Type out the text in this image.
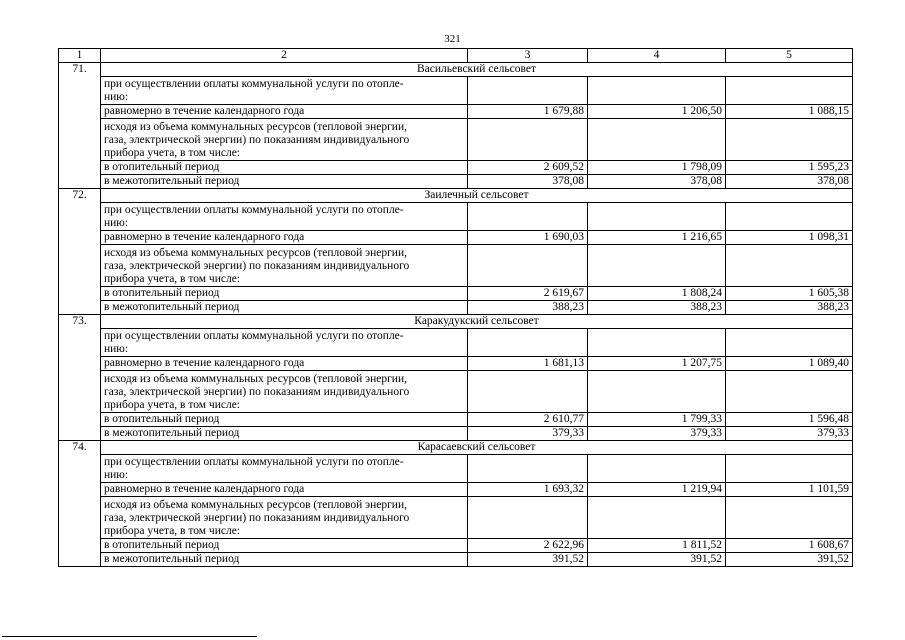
321
1	2	3	4	5
71.	Васильевский сельсовет			
	при осуществлении оплаты коммунальной услуги по отопле-
нию:			
	равномерно в течение календарного года	1 679,88	1 206,50	1 088,15
	исходя из объема коммунальных ресурсов (тепловой энергии,
газа, электрической энергии) по показаниям индивидуального
прибора учета, в том числе:			
	в отопительный период	2 609,52	1 798,09	1 595,23
	в межотопительный период	378,08	378,08	378,08
72.	Заилечный сельсовет			
	при осуществлении оплаты коммунальной услуги по отопле-
нию:			
	равномерно в течение календарного года	1 690,03	1 216,65	1 098,31
	исходя из объема коммунальных ресурсов (тепловой энергии,
газа, электрической энергии) по показаниям индивидуального
прибора учета, в том числе:			
	в отопительный период	2 619,67	1 808,24	1 605,38
	в межотопительный период	388,23	388,23	388,23
73.	Каракудукский сельсовет			
	при осуществлении оплаты коммунальной услуги по отопле-
нию:			
	равномерно в течение календарного года	1 681,13	1 207,75	1 089,40
	исходя из объема коммунальных ресурсов (тепловой энергии,
газа, электрической энергии) по показаниям индивидуального
прибора учета, в том числе:			
	в отопительный период	2 610,77	1 799,33	1 596,48
	в межотопительный период	379,33	379,33	379,33
74.	Карасаевский сельсовет			
	при осуществлении оплаты коммунальной услуги по отопле-
нию:			
	равномерно в течение календарного года	1 693,32	1 219,94	1 101,59
	исходя из объема коммунальных ресурсов (тепловой энергии,
газа, электрической энергии) по показаниям индивидуального
прибора учета, в том числе:			
	в отопительный период	2 622,96	1 811,52	1 608,67
	в межотопительный период	391,52	391,52	391,52
